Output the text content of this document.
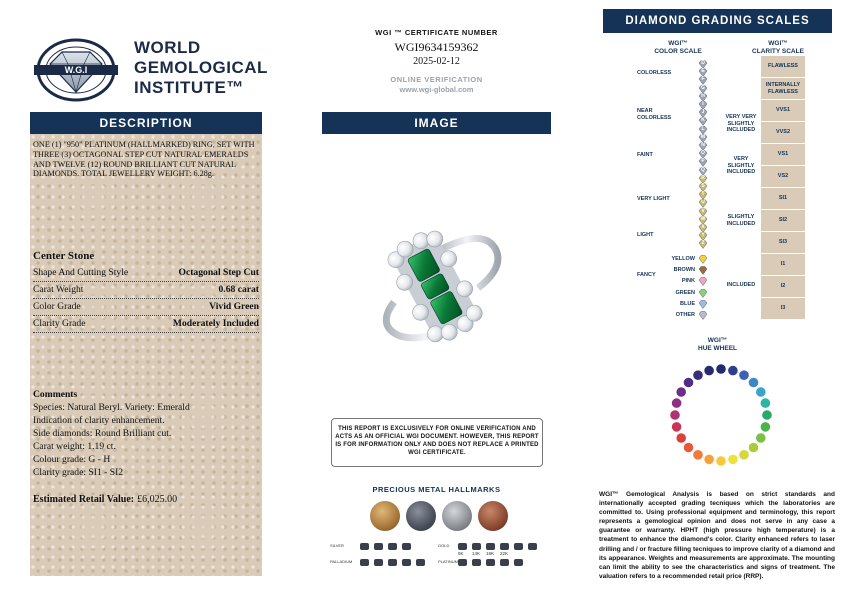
W.G.I
WORLD
GEMOLOGICAL
INSTITUTE™
DESCRIPTION
ONE (1) "950" PLATINUM (HALLMARKED) RING, SET WITH THREE (3) OCTAGONAL STEP CUT NATURAL EMERALDS AND TWELVE (12) ROUND BRILLIANT CUT NATURAL DIAMONDS. TOTAL JEWELLERY WEIGHT: 6.28g.
Center Stone
Shape And Cutting Style	Octagonal Step Cut
Carat Weight	0.68 carat
Color Grade	Vivid Green
Clarity Grade	Moderately Included
Comments
Species: Natural Beryl. Variety: Emerald
Indication of clarity enhancement.
Side diamonds: Round Brilliant cut.
Carat weight: 1.19 ct.
Colour grade: G - H
Clarity grade: SI1 - SI2
Estimated Retail Value: £6,025.00
WGI ™ CERTIFICATE NUMBER
WGI9634159362
2025-02-12
ONLINE VERIFICATION
www.wgi-global.com
IMAGE
THIS REPORT IS EXCLUSIVELY FOR ONLINE VERIFICATION AND ACTS AS AN OFFICIAL WGI DOCUMENT. HOWEVER, THIS REPORT IS FOR INFORMATION ONLY AND DOES NOT REPLACE A PRINTED WGI CERTIFICATE.
PRECIOUS METAL HALLMARKS
SILVER
PALLADIUM
GOLD
9K 14K 18K 22K
PLATINUM
DIAMOND GRADING SCALES
WGI™
COLOR SCALE
WGI™
CLARITY SCALE
COLORLESS
NEAR
COLORLESS
FAINT
VERY LIGHT
LIGHT
FANCY
FLAWLESS
INTERNALLY
FLAWLESS
VVS1
VVS2
VS1
VS2
SI1
SI2
SI3
I1
I2
I3
VERY VERY
SLIGHTLY
INCLUDED
VERY
SLIGHTLY
INCLUDED
SLIGHTLY
INCLUDED
INCLUDED
D
E
F
G
H
I
J
K
L
M
N
O
P
Q
R
S
T
U
V
W
X
Y
Z
YELLOW
BROWN
PINK
GREEN
BLUE
OTHER
WGI™
HUE WHEEL
WGI™ Gemological Analysis is based on strict standards and internationally accepted grading tecniques which the laboratories are committed to. Using professional equipment and terminology, this report represents a gemological opinion and does not serve in any case a guarantee or warranty. HPHT (high pressure high temperature) is a treatment to enhance the diamond's color. Clarity enhanced refers to laser drilling and / or fracture filling tecniques to improve clarity of a diamond and its appearance. Weights and measurements are approximate. The mounting can limit the ability to see the characteristics and signs of treatment. The valuation refers to a recommended retail price (RRP).
